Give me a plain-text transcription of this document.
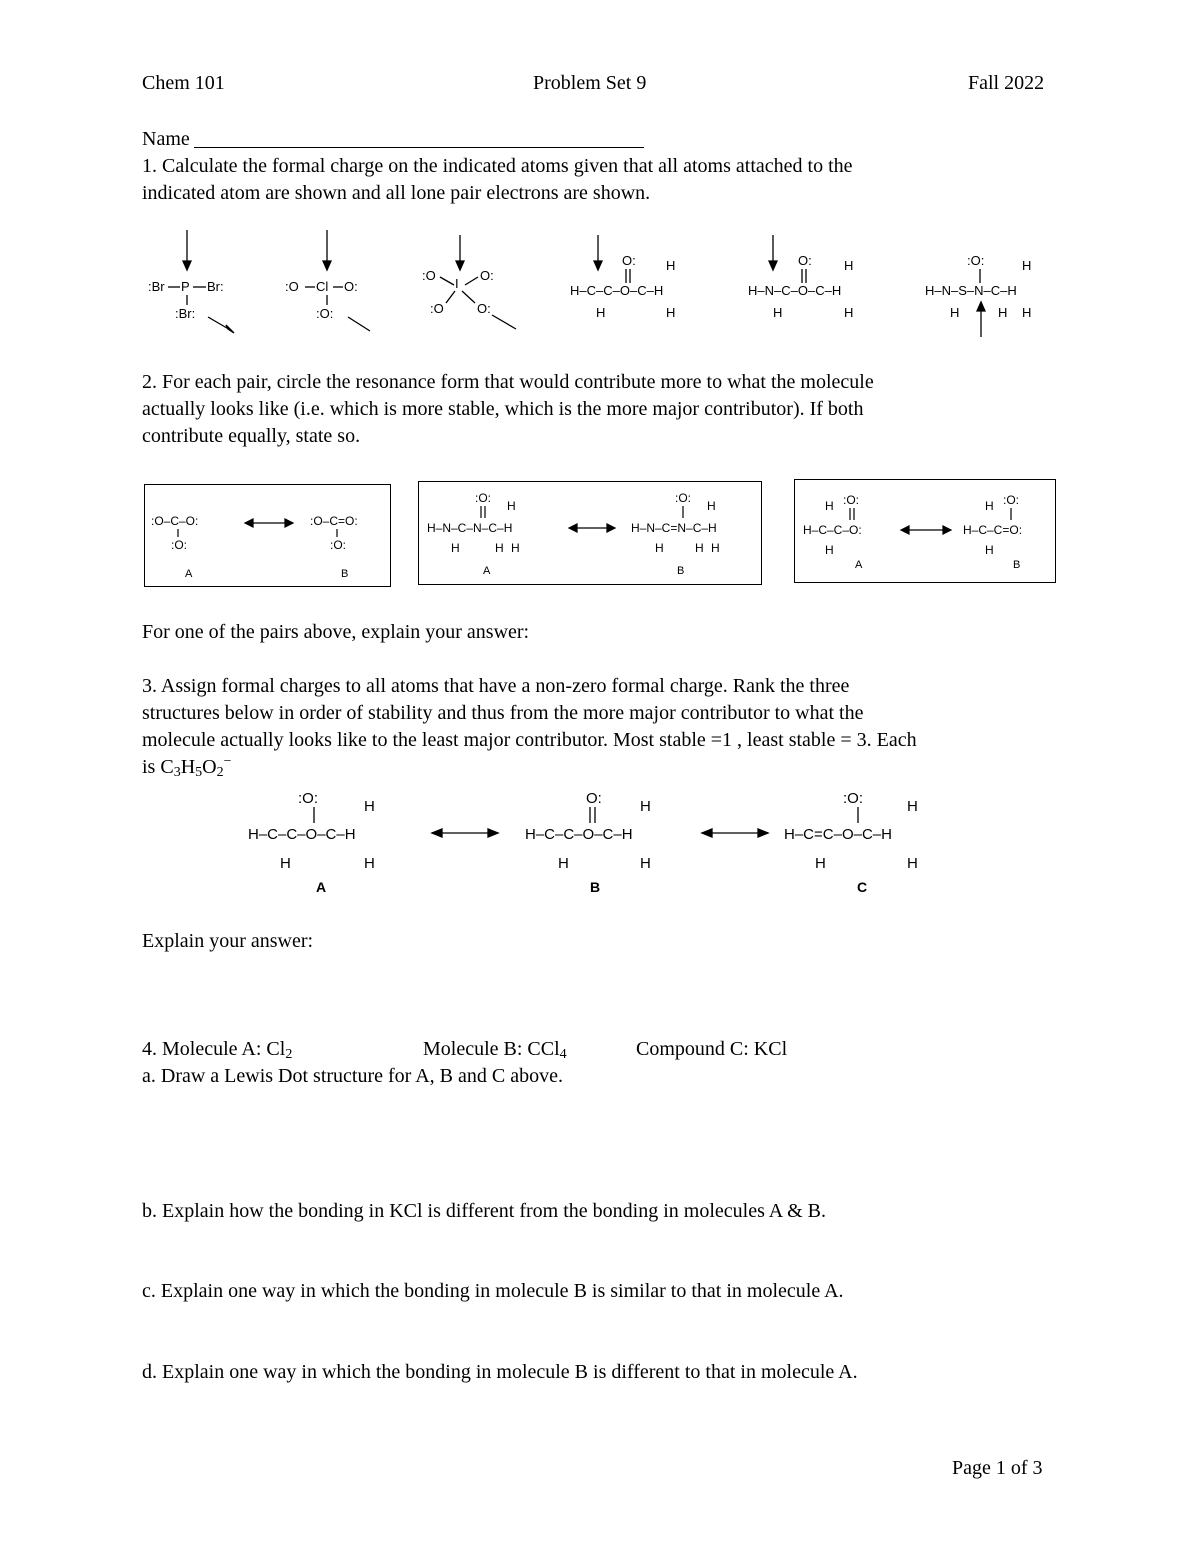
Chem 101	Problem Set 9	Fall 2022
Name
1. Calculate the formal charge on the indicated atoms given that all atoms attached to the
indicated atom are shown and all lone pair electrons are shown.
:Br P Br:
:Br:
:O Cl O:
:O:
:O
I
O:
:O	O:
H–C–C–O–C–H
O: H
H	H
H–N–C–O–C–H
O: H
H	H
H–N–S–N–C–H
:O:	H
H	H H
2. For each pair, circle the resonance form that would contribute more to what the molecule
actually looks like (i.e. which is more stable, which is the more major contributor). If both
contribute equally, state so.
:O–C–O:
:O:
:O–C=O:
:O:
A	B
:O:
H
H–N–C–N–C–H
H	H H
:O:
H
H–N–C=N–C–H
H	H H
A	B
H :O:
H–C–C–O:
H
H :O:
H–C–C=O:
H
A	B
For one of the pairs above, explain your answer:
3. Assign formal charges to all atoms that have a non-zero formal charge. Rank the three
structures below in order of stability and thus from the more major contributor to what the
molecule actually looks like to the least major contributor. Most stable =1 , least stable = 3. Each
is $C_3H_5O_2^-$
:O:	H
H–C–C–O–C–H
H	H
O:	H
H–C–C–O–C–H
H	H
:O:	H
H–C=C–O–C–H
H	H
A	B	C
Explain your answer:
4. Molecule A: $Cl_2$	Molecule B: CCl$_4$	Compound C: KCl
a. Draw a Lewis Dot structure for A, B and C above.
b. Explain how the bonding in KCl is different from the bonding in molecules A & B.
c. Explain one way in which the bonding in molecule B is similar to that in molecule A.
d. Explain one way in which the bonding in molecule B is different to that in molecule A.
Page 1 of 3
